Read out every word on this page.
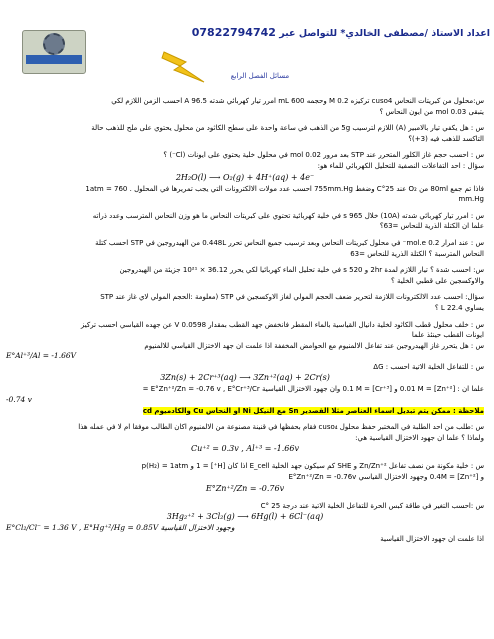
اعداد الاستاذ /مصطفى الخالدي* للتواصل عبر 07822794742
مسائل الفصل الرابع

س:محلول من كبريتات النحاس cuso4 تركيزه 0.2 M وحجمه 600 mL امرر تيار كهربائي شدته 96.5 A احسب الزمن اللازم لكي

يتبقى 0.03 mol من ايون النحاس ؟

س : هل يكفي تيار بالامبير (A) اللازم لترسيب 5g من الذهب في ساعة واحدة على سطح الكاثود من محلول يحتوي على ملح للذهب حالة

التاكسد للذهب فيه (3+)؟

س : احسب حجم غاز الكلور المتحرر عند STP بعد مرور 0.02 mol في محلول خلية يحتوي على ايونات (Cl⁻) ؟

سؤال : احد التفاعلات النصفية للتحليل الكهربائي للماء هو:

2H₂O(l) ⟶ O₂(g) + 4H⁺(aq) + 4e⁻

فاذا تم جمع 80ml من O₂ عند 25°C وضغط 755mm.Hg احسب عدد مولات الالكترونات التي يجب تمريرها في المحلول . 1atm = 760

mm.Hg

س : امرر تيار كهربائي شدته (10A) خلال 965 s في خلية كهربائية تحتوي على كبريتات النحاس ما هو وزن النحاس المترسب وعدد ذراته

علما ان الكتلة الذرية للنحاس =63؟

س : عند امرار 0.2 mol.e⁻ في محلول كبريتات النحاس وبعد ترسيب جميع النحاس تحرر 0.448L من الهيدروجين في STP احسب كتلة

النحاس المترسبة ؟ الكتلة الذرية للنحاس =63

س: احسب شدة ؟ تيار اللازم لمدة 2hr و 520 s في خلية تحليل الماء كهربائيا لكي يحرر 36.12 × 10²¹ جزيئة من الهيدروجين

والاوكسجين على قطبي الخلية ؟

سؤال: احسب عدد الالكترونات اللازمة لتحرير ضعف الحجم المولي لغاز الاوكسجين في STP (معلومة :الحجم المولي لاي غاز عند STP

يساوي 22.4 L ؟

س : خلف محلول قطب الكاثود لخلية دانيال القياسية بالماء المقطر فانخفض جهد القطب بمقدار 0.0598 V عن جهده القياسي احسب تركيز

ايونات القطب حينئذ علما

س : هل يتحرر غاز الهيدروجين عند تفاعل الالمنيوم مع الحوامض المخففة اذا علمت ان جهد الاختزال القياسي للالمنيوم

E°Al⁺³/Al = -1.66V

س : للتفاعل الخلية الاتية احسب : ΔG

3Zn(s) + 2Cr⁺³(aq) ⟶ 3Zn⁺²(aq) + 2Cr(s)

علما ان : [Zn⁺²] = 0.01 M و [Cr⁺³] = 0.1 M وان جهود الاختزال القياسية E°Zn⁺²/Zn = -0.76 v , E°Cr⁺³/Cr =

-0.74 v

ملاحظة : ممكن يتم تبديل اسماء العناصر مثلا القصدير Sn مع النيكل Ni او النحاس Cu والكادميوم cd

س :طلب من احد الطلبة في المختبر حفظ محلول cuso₄ فقام بحفظها في قنينة مصنوعة من الالمنيوم اكان الطالب موفقا ام لا في عمله هذا

ولماذا ؟ علما ان جهود الاختزال القياسية هي:

Cu⁺² = 0.3v , Al⁺³ = -1.66v

س : خلية مكونة من نصف تفاعل Zn/Zn⁺² و SHE كم سيكون جهد الخلية E_cell اذا كان [H⁺] = 1 و p(H₂) = 1atm

و [Zn⁺²] = 0.4M وجهود الاختزال القياسي E°Zn⁺²/Zn = -0.76v

E°Zn⁺²/Zn = -0.76v

س :احسب التغير في طاقة كبس الحرة للتفاعل الخلية الاتية عند درجة 25 °C

3Hg₂⁺² + 3Cl₂(g) ⟶ 6Hg(l) + 6Cl⁻(aq)

E°Cl₂/Cl⁻ = 1.36 V , E°Hg⁺²/Hg = 0.85V وجهود الاختزال القياسية

اذا علمت ان جهود الاختزال القياسية
